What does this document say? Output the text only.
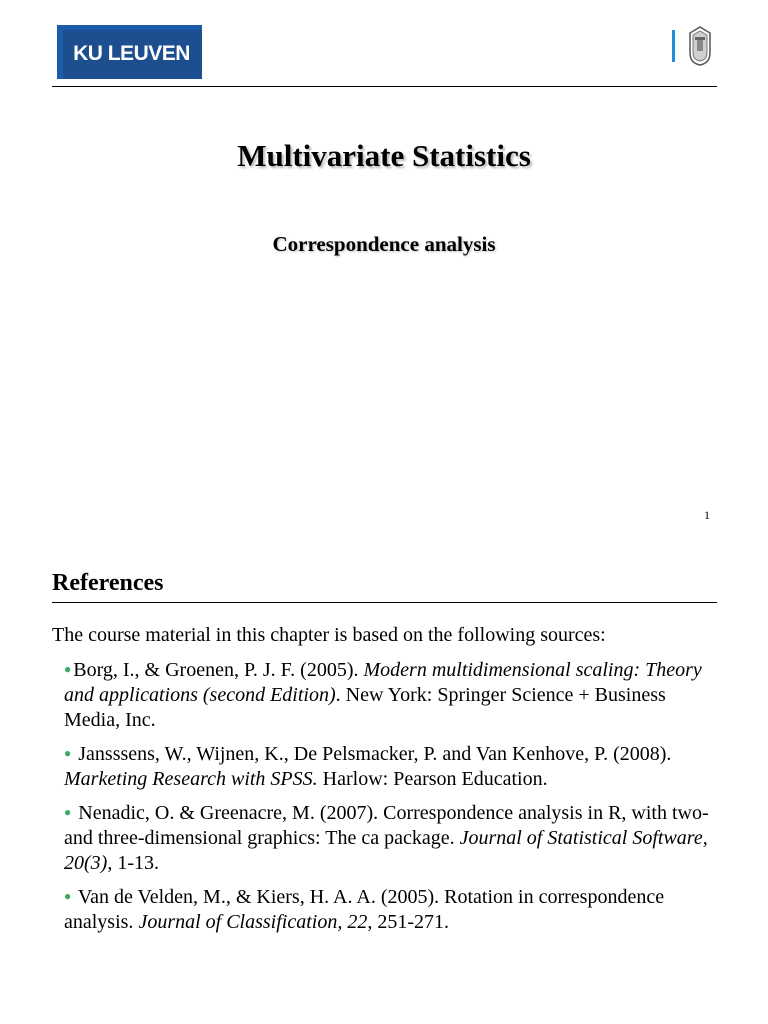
KU LEUVEN
Multivariate Statistics
Correspondence analysis
1
References
The course material in this chapter is based on the following sources:
● Borg, I., & Groenen, P. J. F. (2005). Modern multidimensional scaling: Theory and applications (second Edition). New York: Springer Science + Business Media, Inc.
● Jansssens, W., Wijnen, K., De Pelsmacker, P. and Van Kenhove, P. (2008). Marketing Research with SPSS. Harlow: Pearson Education.
● Nenadic, O. & Greenacre, M. (2007). Correspondence analysis in R, with two- and three-dimensional graphics: The ca package. Journal of Statistical Software, 20(3), 1-13.
● Van de Velden, M., & Kiers, H. A. A. (2005). Rotation in correspondence analysis. Journal of Classification, 22, 251-271.
